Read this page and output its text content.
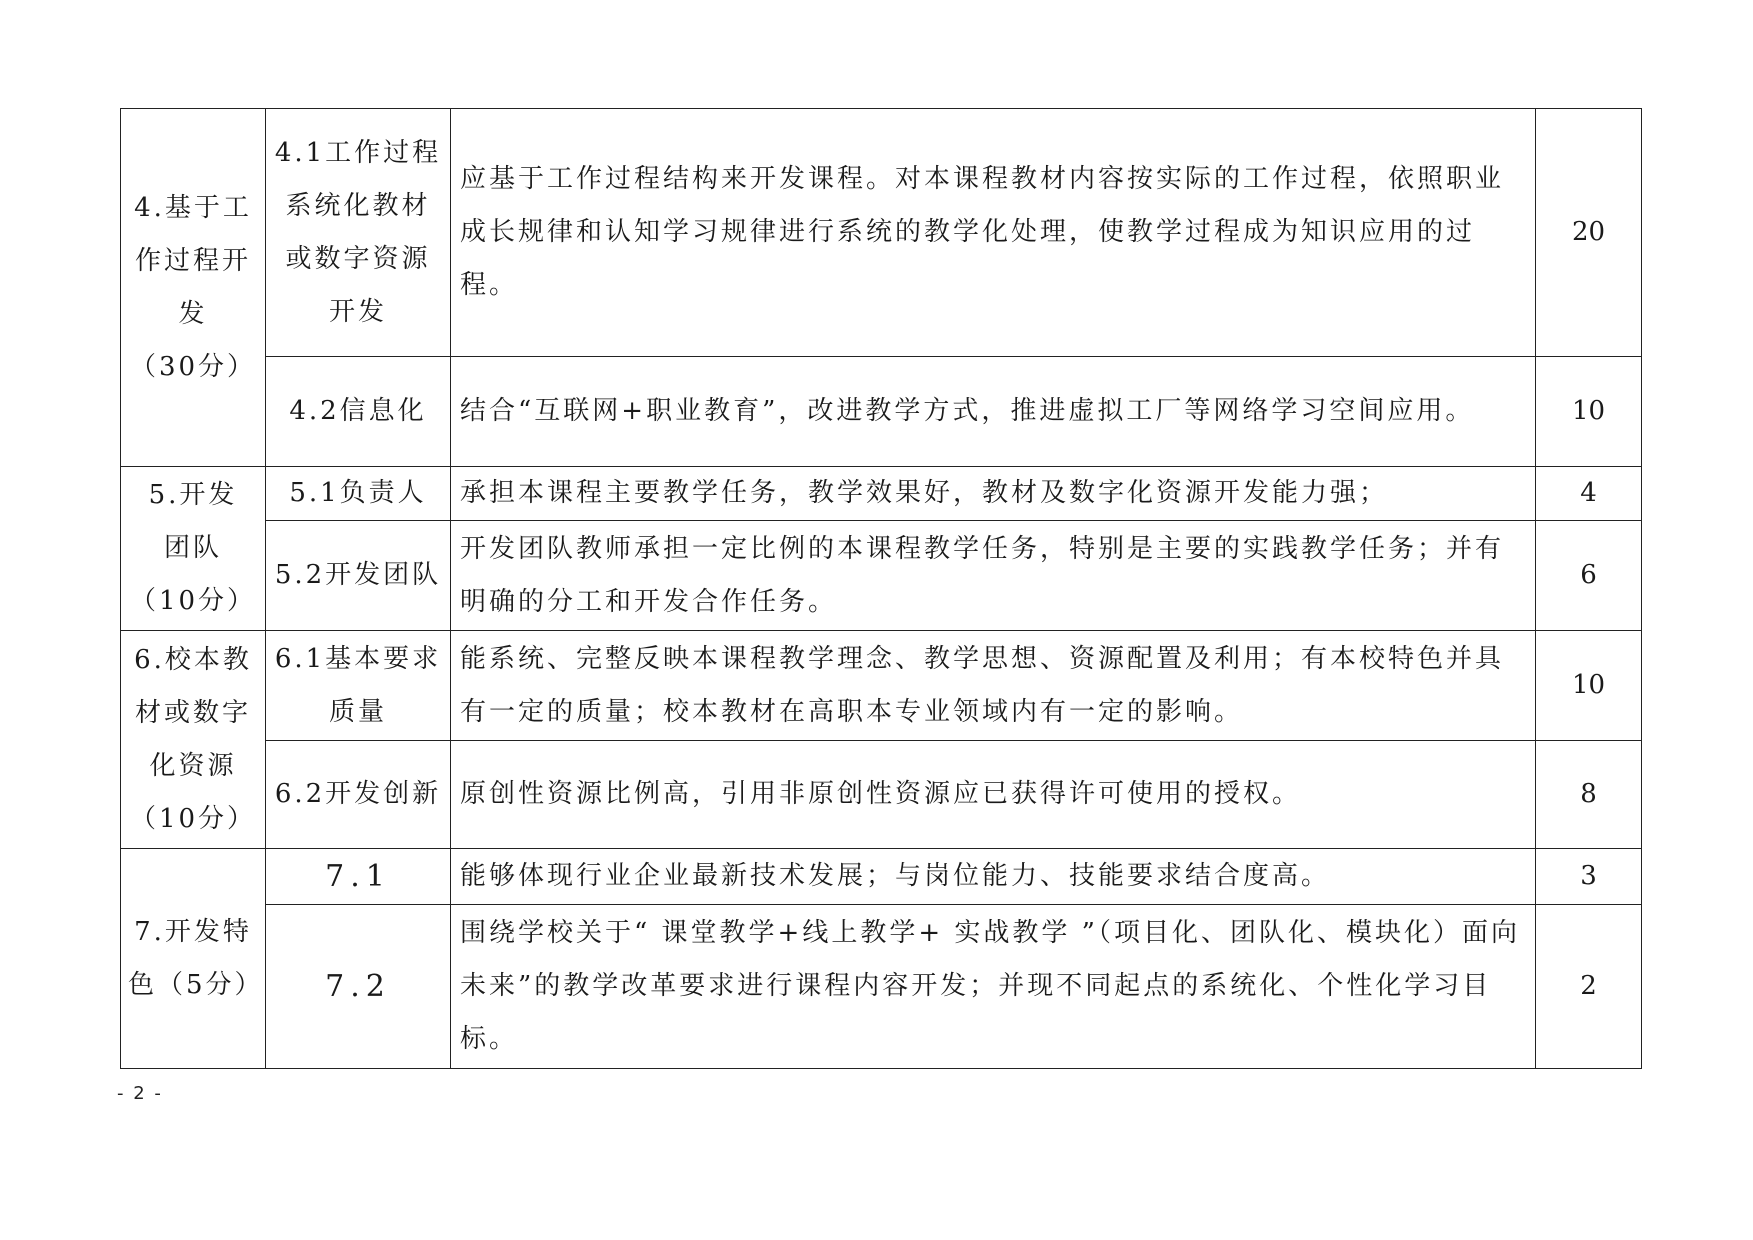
4.基于工
作过程开
发
（30分）	4.1工作过程
系统化教材
或数字资源
开发	应基于工作过程结构来开发课程。对本课程教材内容按实际的工作过程，依照职业成长规律和认知学习规律进行系统的教学化处理，使教学过程成为知识应用的过程。	20

	4.2信息化	结合“互联网+职业教育”，改进教学方式，推进虚拟工厂等网络学习空间应用。	10

5.开发
团队
（10分）	5.1负责人	承担本课程主要教学任务，教学效果好，教材及数字化资源开发能力强；	4

	5.2开发团队	开发团队教师承担一定比例的本课程教学任务，特别是主要的实践教学任务；并有明确的分工和开发合作任务。	6

6.校本教
材或数字
化资源
（10分）	6.1基本要求
质量	能系统、完整反映本课程教学理念、教学思想、资源配置及利用；有本校特色并具有一定的质量；校本教材在高职本专业领域内有一定的影响。	10

	6.2开发创新	原创性资源比例高，引用非原创性资源应已获得许可使用的授权。	8

7.开发特
色（5分）	7.1	能够体现行业企业最新技术发展；与岗位能力、技能要求结合度高。	3

	7.2	围绕学校关于“ 课堂教学+线上教学+ 实战教学 ”（项目化、团队化、模块化）面向未来”的教学改革要求进行课程内容开发；并现不同起点的系统化、个性化学习目标。	2
- 2 -
